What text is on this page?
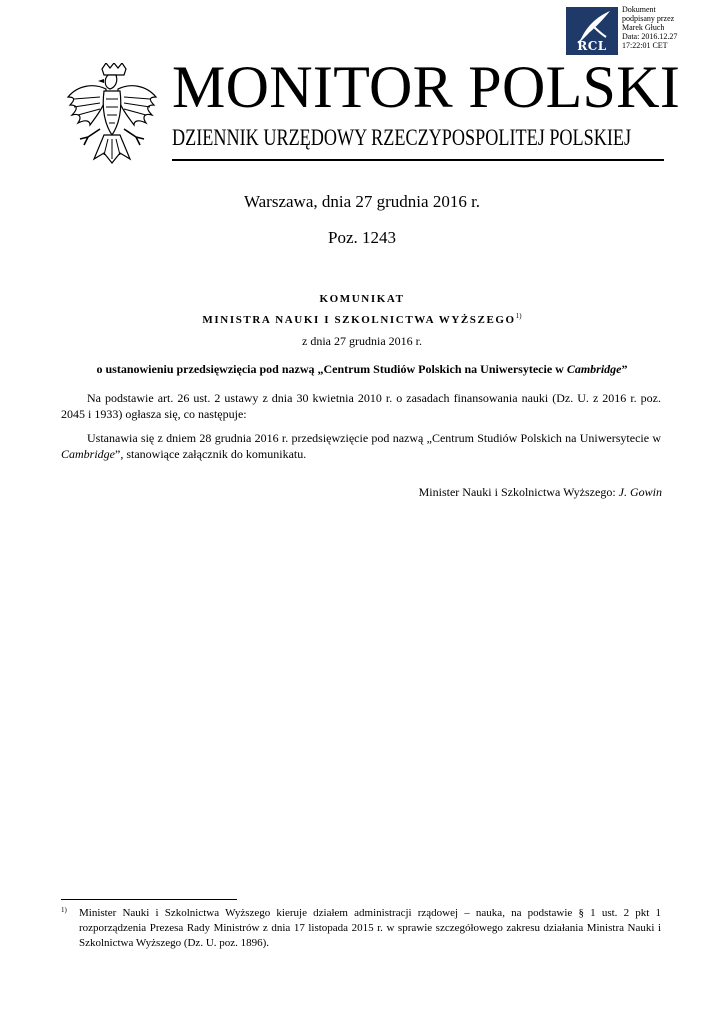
RCL
Dokument
podpisany przez
Marek Głuch
Data: 2016.12.27
17:22:01 CET
MONITOR POLSKI
DZIENNIK URZĘDOWY RZECZYPOSPOLITEJ POLSKIEJ
Warszawa, dnia 27 grudnia 2016 r.
Poz. 1243
KOMUNIKAT
MINISTRA NAUKI I SZKOLNICTWA WYŻSZEGO$^{1)}$
z dnia 27 grudnia 2016 r.
o ustanowieniu przedsięwzięcia pod nazwą „Centrum Studiów Polskich na Uniwersytecie w Cambridge”
Na podstawie art. 26 ust. 2 ustawy z dnia 30 kwietnia 2010 r. o zasadach finansowania nauki (Dz. U. z 2016 r. poz. 2045 i 1933) ogłasza się, co następuje:
Ustanawia się z dniem 28 grudnia 2016 r. przedsięwzięcie pod nazwą „Centrum Studiów Polskich na Uniwersytecie w Cambridge”, stanowiące załącznik do komunikatu.
Minister Nauki i Szkolnictwa Wyższego: J. Gowin
1) Minister Nauki i Szkolnictwa Wyższego kieruje działem administracji rządowej – nauka, na podstawie § 1 ust. 2 pkt 1 rozporządzenia Prezesa Rady Ministrów z dnia 17 listopada 2015 r. w sprawie szczegółowego zakresu działania Ministra Nauki i Szkolnictwa Wyższego (Dz. U. poz. 1896).
